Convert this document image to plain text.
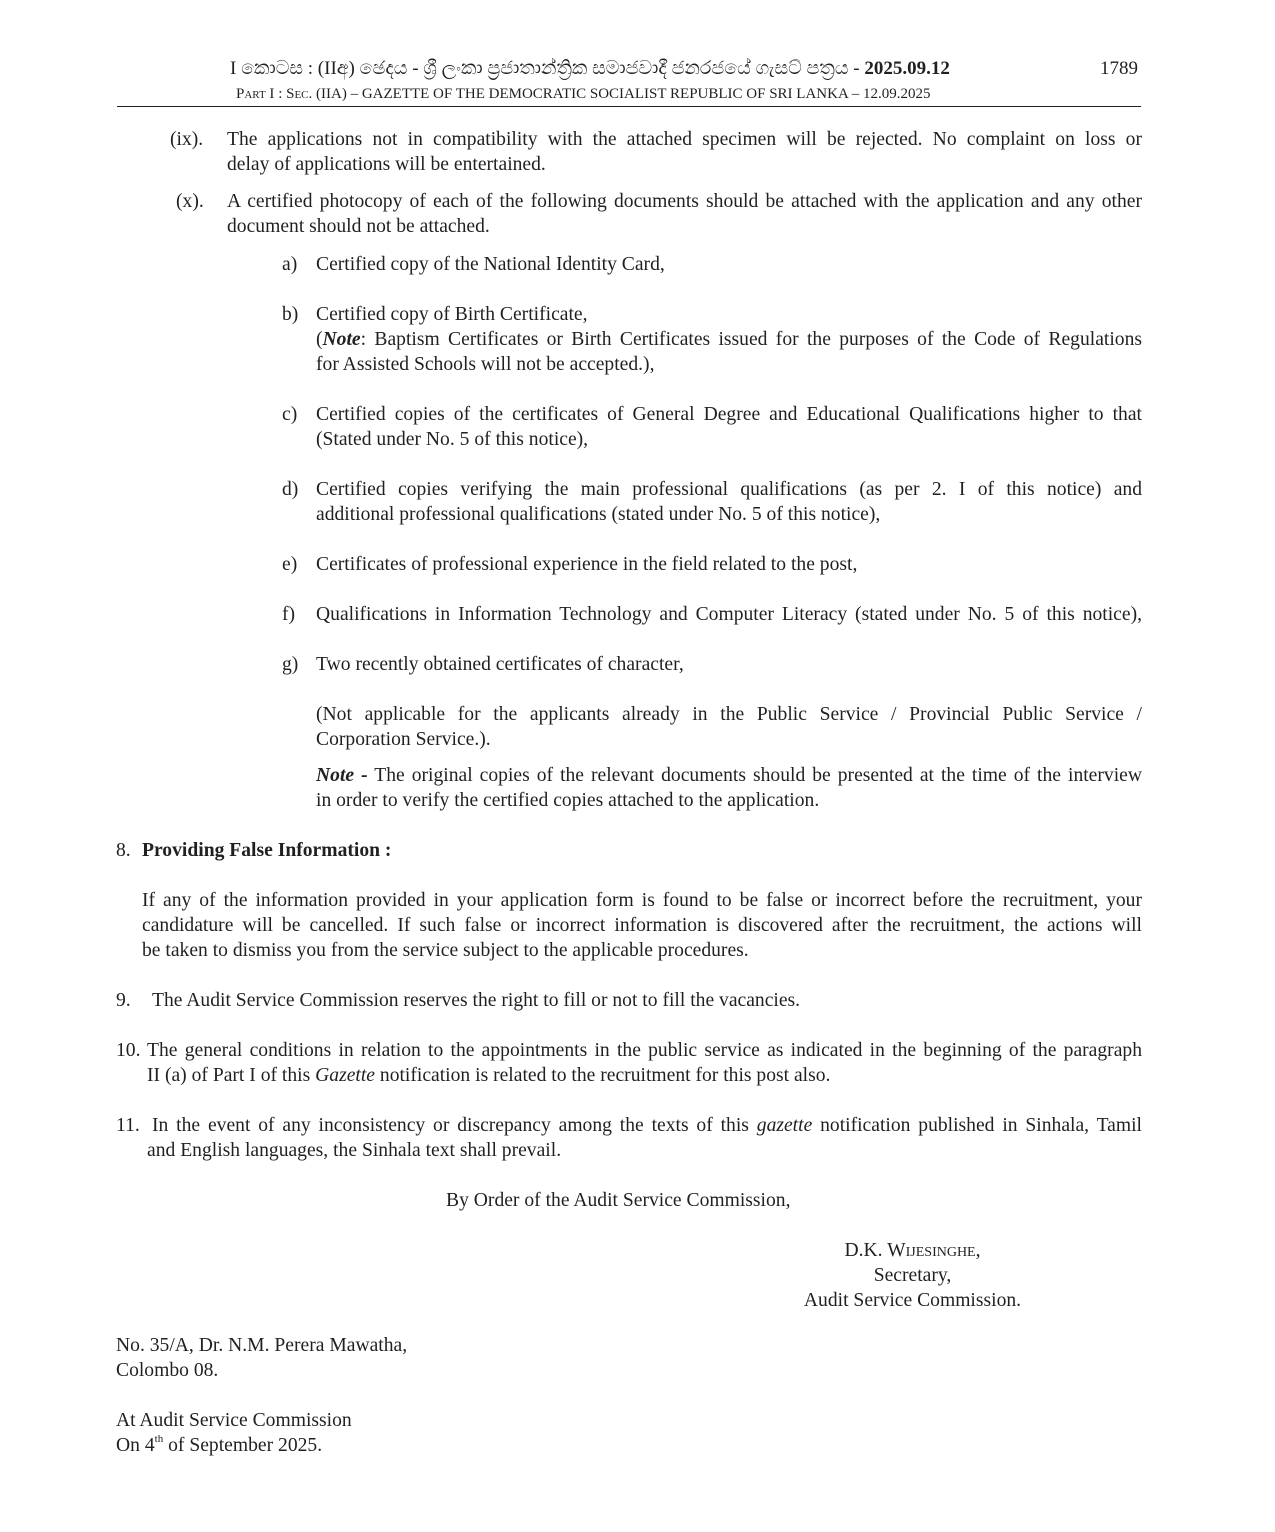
I කොටස : (IIඅ) ඡෙදය - ශ්‍රී ලංකා ප්‍රජාතාන්ත්‍රික සමාජවාදී ජනරජයේ ගැසට් පත්‍රය - 2025.09.12	1789
Part I : Sec. (IIA) – GAZETTE OF THE DEMOCRATIC SOCIALIST REPUBLIC OF SRI LANKA – 12.09.2025
(ix). The applications not in compatibility with the attached specimen will be rejected. No complaint on loss or
delay of applications will be entertained.
(x). A certified photocopy of each of the following documents should be attached with the application and any other
document should not be attached.
a) Certified copy of the National Identity Card,
b) Certified copy of Birth Certificate,
(Note: Baptism Certificates or Birth Certificates issued for the purposes of the Code of Regulations
for Assisted Schools will not be accepted.),
c) Certified copies of the certificates of General Degree and Educational Qualifications higher to that
(Stated under No. 5 of this notice),
d) Certified copies verifying the main professional qualifications (as per 2. I of this notice) and
additional professional qualifications (stated under No. 5 of this notice),
e) Certificates of professional experience in the field related to the post,
f) Qualifications in Information Technology and Computer Literacy (stated under No. 5 of this notice),
g) Two recently obtained certificates of character,
(Not applicable for the applicants already in the Public Service / Provincial Public Service /
Corporation Service.).
Note - The original copies of the relevant documents should be presented at the time of the interview
in order to verify the certified copies attached to the application.
8. Providing False Information :
If any of the information provided in your application form is found to be false or incorrect before the recruitment, your
candidature will be cancelled. If such false or incorrect information is discovered after the recruitment, the actions will
be taken to dismiss you from the service subject to the applicable procedures.
9. The Audit Service Commission reserves the right to fill or not to fill the vacancies.
10. The general conditions in relation to the appointments in the public service as indicated in the beginning of the paragraph
II (a) of Part I of this Gazette notification is related to the recruitment for this post also.
11. In the event of any inconsistency or discrepancy among the texts of this gazette notification published in Sinhala, Tamil
and English languages, the Sinhala text shall prevail.
By Order of the Audit Service Commission,
D.K. Wijesinghe,
Secretary,
Audit Service Commission.
No. 35/A, Dr. N.M. Perera Mawatha,
Colombo 08.
At Audit Service Commission
On 4th of September 2025.
